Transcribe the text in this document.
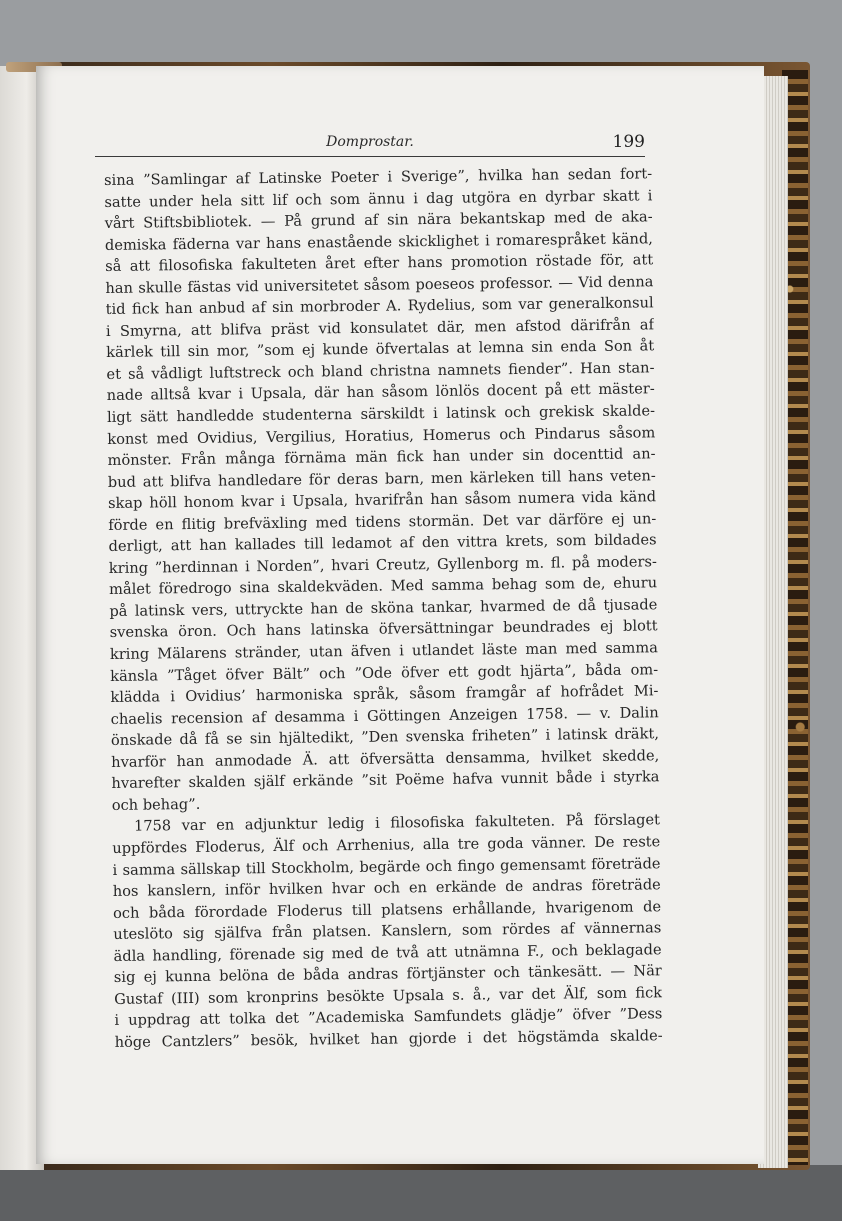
Domprostar.	199
sina ”Samlingar af Latinske Poeter i Sverige”, hvilka han sedan fort-
satte under hela sitt lif och som ännu i dag utgöra en dyrbar skatt i
vårt Stiftsbibliotek. — På grund af sin nära bekantskap med de aka-
demiska fäderna var hans enastående skicklighet i romarespråket känd,
så att filosofiska fakulteten året efter hans promotion röstade för, att
han skulle fästas vid universitetet såsom poeseos professor. — Vid denna
tid fick han anbud af sin morbroder A. Rydelius, som var generalkonsul
i Smyrna, att blifva präst vid konsulatet där, men afstod därifrån af
kärlek till sin mor, ”som ej kunde öfvertalas at lemna sin enda Son åt
et så vådligt luftstreck och bland christna namnets fiender”. Han stan-
nade alltså kvar i Upsala, där han såsom lönlös docent på ett mäster-
ligt sätt handledde studenterna särskildt i latinsk och grekisk skalde-
konst med Ovidius, Vergilius, Horatius, Homerus och Pindarus såsom
mönster. Från många förnäma män fick han under sin docenttid an-
bud att blifva handledare för deras barn, men kärleken till hans veten-
skap höll honom kvar i Upsala, hvarifrån han såsom numera vida känd
förde en flitig brefväxling med tidens stormän. Det var därföre ej un-
derligt, att han kallades till ledamot af den vittra krets, som bildades
kring ”herdinnan i Norden”, hvari Creutz, Gyllenborg m. fl. på moders-
målet föredrogo sina skaldekväden. Med samma behag som de, ehuru
på latinsk vers, uttryckte han de sköna tankar, hvarmed de då tjusade
svenska öron. Och hans latinska öfversättningar beundrades ej blott
kring Mälarens stränder, utan äfven i utlandet läste man med samma
känsla ”Tåget öfver Bält” och ”Ode öfver ett godt hjärta”, båda om-
klädda i Ovidius’ harmoniska språk, såsom framgår af hofrådet Mi-
chaelis recension af desamma i Göttingen Anzeigen 1758. — v. Dalin
önskade då få se sin hjältedikt, ”Den svenska friheten” i latinsk dräkt,
hvarför han anmodade Ä. att öfversätta densamma, hvilket skedde,
hvarefter skalden själf erkände ”sit Poëme hafva vunnit både i styrka
och behag”.
1758 var en adjunktur ledig i filosofiska fakulteten. På förslaget
uppfördes Floderus, Älf och Arrhenius, alla tre goda vänner. De reste
i samma sällskap till Stockholm, begärde och fingo gemensamt företräde
hos kanslern, inför hvilken hvar och en erkände de andras företräde
och båda förordade Floderus till platsens erhållande, hvarigenom de
uteslöto sig själfva från platsen. Kanslern, som rördes af vännernas
ädla handling, förenade sig med de två att utnämna F., och beklagade
sig ej kunna belöna de båda andras förtjänster och tänkesätt. — När
Gustaf (III) som kronprins besökte Upsala s. å., var det Älf, som fick
i uppdrag att tolka det ”Academiska Samfundets glädje” öfver ”Dess
höge Cantzlers” besök, hvilket han gjorde i det högstämda skalde-
